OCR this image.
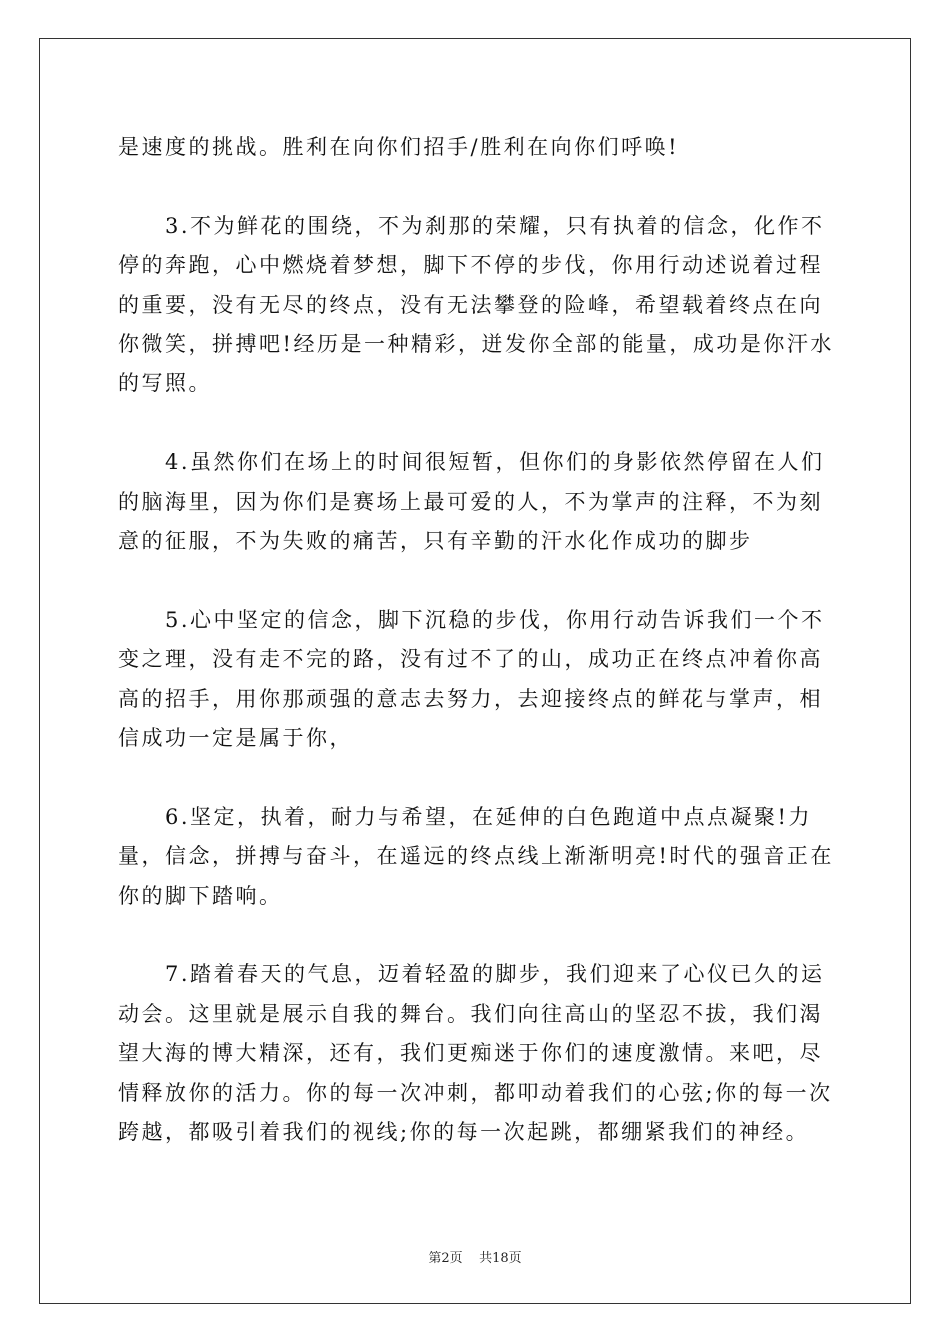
是速度的挑战。胜利在向你们招手/胜利在向你们呼唤!

3.不为鲜花的围绕，不为刹那的荣耀，只有执着的信念，化作不停的奔跑，心中燃烧着梦想，脚下不停的步伐，你用行动述说着过程的重要，没有无尽的终点，没有无法攀登的险峰，希望载着终点在向你微笑，拼搏吧!经历是一种精彩，迸发你全部的能量，成功是你汗水的写照。

4.虽然你们在场上的时间很短暂，但你们的身影依然停留在人们的脑海里，因为你们是赛场上最可爱的人，不为掌声的注释，不为刻意的征服，不为失败的痛苦，只有辛勤的汗水化作成功的脚步

5.心中坚定的信念，脚下沉稳的步伐，你用行动告诉我们一个不变之理，没有走不完的路，没有过不了的山，成功正在终点冲着你高高的招手，用你那顽强的意志去努力，去迎接终点的鲜花与掌声，相信成功一定是属于你，

6.坚定，执着，耐力与希望，在延伸的白色跑道中点点凝聚!力量，信念，拼搏与奋斗，在遥远的终点线上渐渐明亮!时代的强音正在你的脚下踏响。

7.踏着春天的气息，迈着轻盈的脚步，我们迎来了心仪已久的运动会。这里就是展示自我的舞台。我们向往高山的坚忍不拔，我们渴望大海的博大精深，还有，我们更痴迷于你们的速度激情。来吧，尽情释放你的活力。你的每一次冲刺，都叩动着我们的心弦;你的每一次跨越，都吸引着我们的视线;你的每一次起跳，都绷紧我们的神经。

第2页 共18页
